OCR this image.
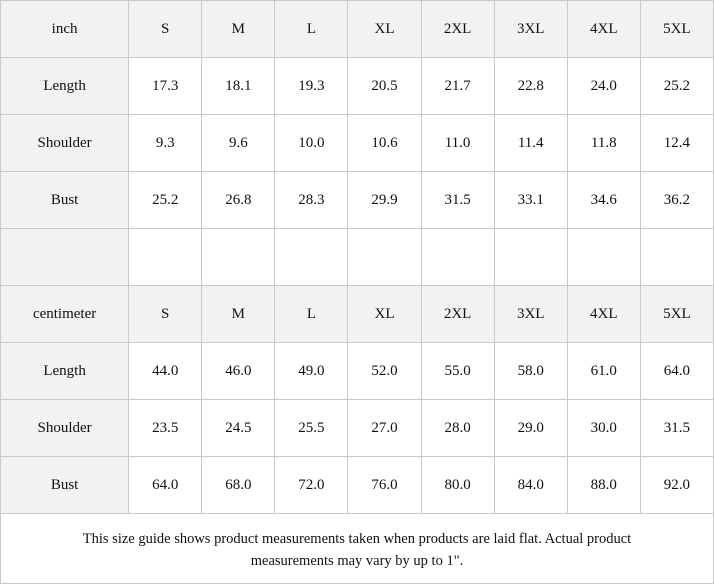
inch	S	M	L	XL	2XL	3XL	4XL	5XL
Length	17.3	18.1	19.3	20.5	21.7	22.8	24.0	25.2
Shoulder	9.3	9.6	10.0	10.6	11.0	11.4	11.8	12.4
Bust	25.2	26.8	28.3	29.9	31.5	33.1	34.6	36.2

centimeter	S	M	L	XL	2XL	3XL	4XL	5XL
Length	44.0	46.0	49.0	52.0	55.0	58.0	61.0	64.0
Shoulder	23.5	24.5	25.5	27.0	28.0	29.0	30.0	31.5
Bust	64.0	68.0	72.0	76.0	80.0	84.0	88.0	92.0
This size guide shows product measurements taken when products are laid flat. Actual product measurements may vary by up to 1".
